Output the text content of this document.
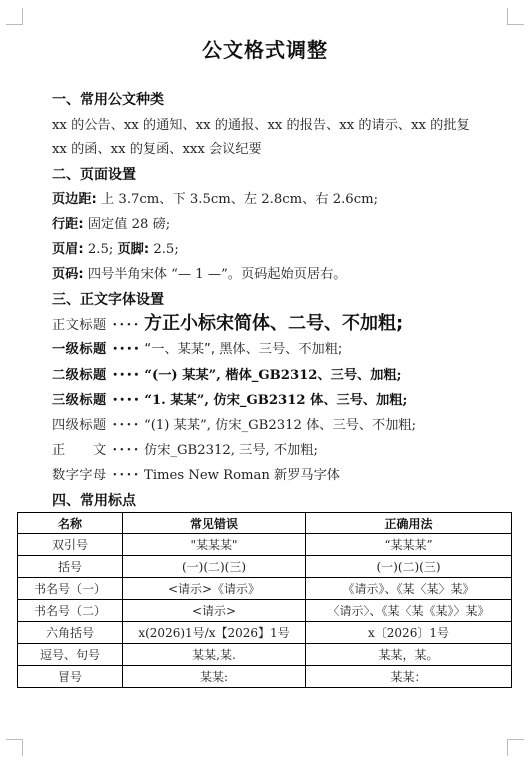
公文格式调整
一、常用公文种类
xx 的公告、xx 的通知、xx 的通报、xx 的报告、xx 的请示、xx 的批复
xx 的函、xx 的复函、xxx 会议纪要
二、页面设置
页边距: 上 3.7cm、下 3.5cm、左 2.8cm、右 2.6cm;
行距: 固定值 28 磅;
页眉: 2.5; 页脚: 2.5;
页码: 四号半角宋体 “— 1 —”。页码起始页居右。
三、正文字体设置
正文标题 ････ 方正小标宋简体、二号、不加粗;
一级标题 ････ “一、某某”, 黑体、三号、不加粗;
二级标题 ････ “(一) 某某”, 楷体_GB2312、三号、加粗;
三级标题 ････ “1. 某某”, 仿宋_GB2312 体、三号、加粗;
四级标题 ････ “(1) 某某”, 仿宋_GB2312 体、三号、不加粗;
正　　文 ････ 仿宋_GB2312, 三号, 不加粗;
数字字母 ････ Times New Roman 新罗马字体
四、常用标点
名称	常见错误	正确用法
双引号	"某某某"	“某某某”
括号	(一)(二)(三)	(一)(二)(三)
书名号（一）	<请示>《请示》	《请示》、《某〈某〉某》
书名号（二）	<请示>	〈请示〉、《某〈某《某》〉某》
六角括号	x(2026)1号/x【2026】1号	x〔2026〕1号
逗号、句号	某某,某.	某某，某。
冒号	某某:	某某：
